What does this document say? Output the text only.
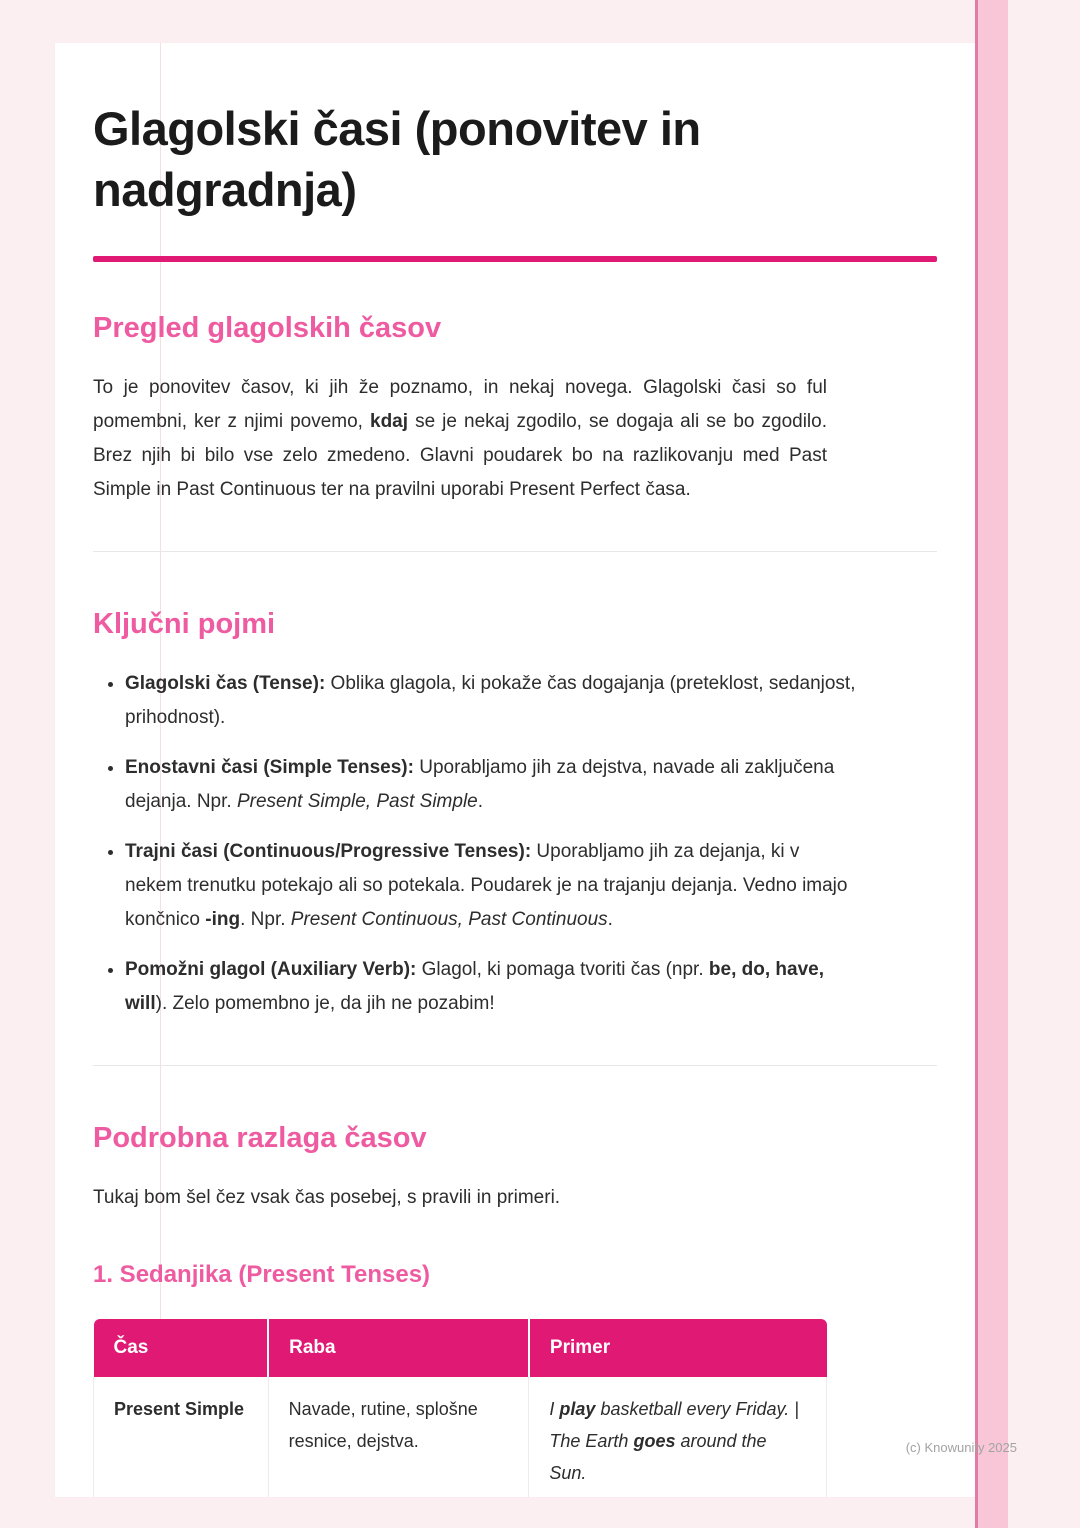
Glagolski časi (ponovitev in nadgradnja)
Pregled glagolskih časov

To je ponovitev časov, ki jih že poznamo, in nekaj novega. Glagolski časi so ful pomembni, ker z njimi povemo, kdaj se je nekaj zgodilo, se dogaja ali se bo zgodilo. Brez njih bi bilo vse zelo zmedeno. Glavni poudarek bo na razlikovanju med Past Simple in Past Continuous ter na pravilni uporabi Present Perfect časa.

Ključni pojmi
• Glagolski čas (Tense): Oblika glagola, ki pokaže čas dogajanja (preteklost, sedanjost, prihodnost).
• Enostavni časi (Simple Tenses): Uporabljamo jih za dejstva, navade ali zaključena dejanja. Npr. Present Simple, Past Simple.
• Trajni časi (Continuous/Progressive Tenses): Uporabljamo jih za dejanja, ki v nekem trenutku potekajo ali so potekala. Poudarek je na trajanju dejanja. Vedno imajo končnico -ing. Npr. Present Continuous, Past Continuous.
• Pomožni glagol (Auxiliary Verb): Glagol, ki pomaga tvoriti čas (npr. be, do, have, will). Zelo pomembno je, da jih ne pozabim!
Podrobna razlaga časov

Tukaj bom šel čez vsak čas posebej, s pravili in primeri.

1. Sedanjika (Present Tenses)
Čas	Raba	Primer
Present Simple	Navade, rutine, splošne resnice, dejstva.	I play basketball every Friday. | The Earth goes around the Sun.
(c) Knowunity 2025
